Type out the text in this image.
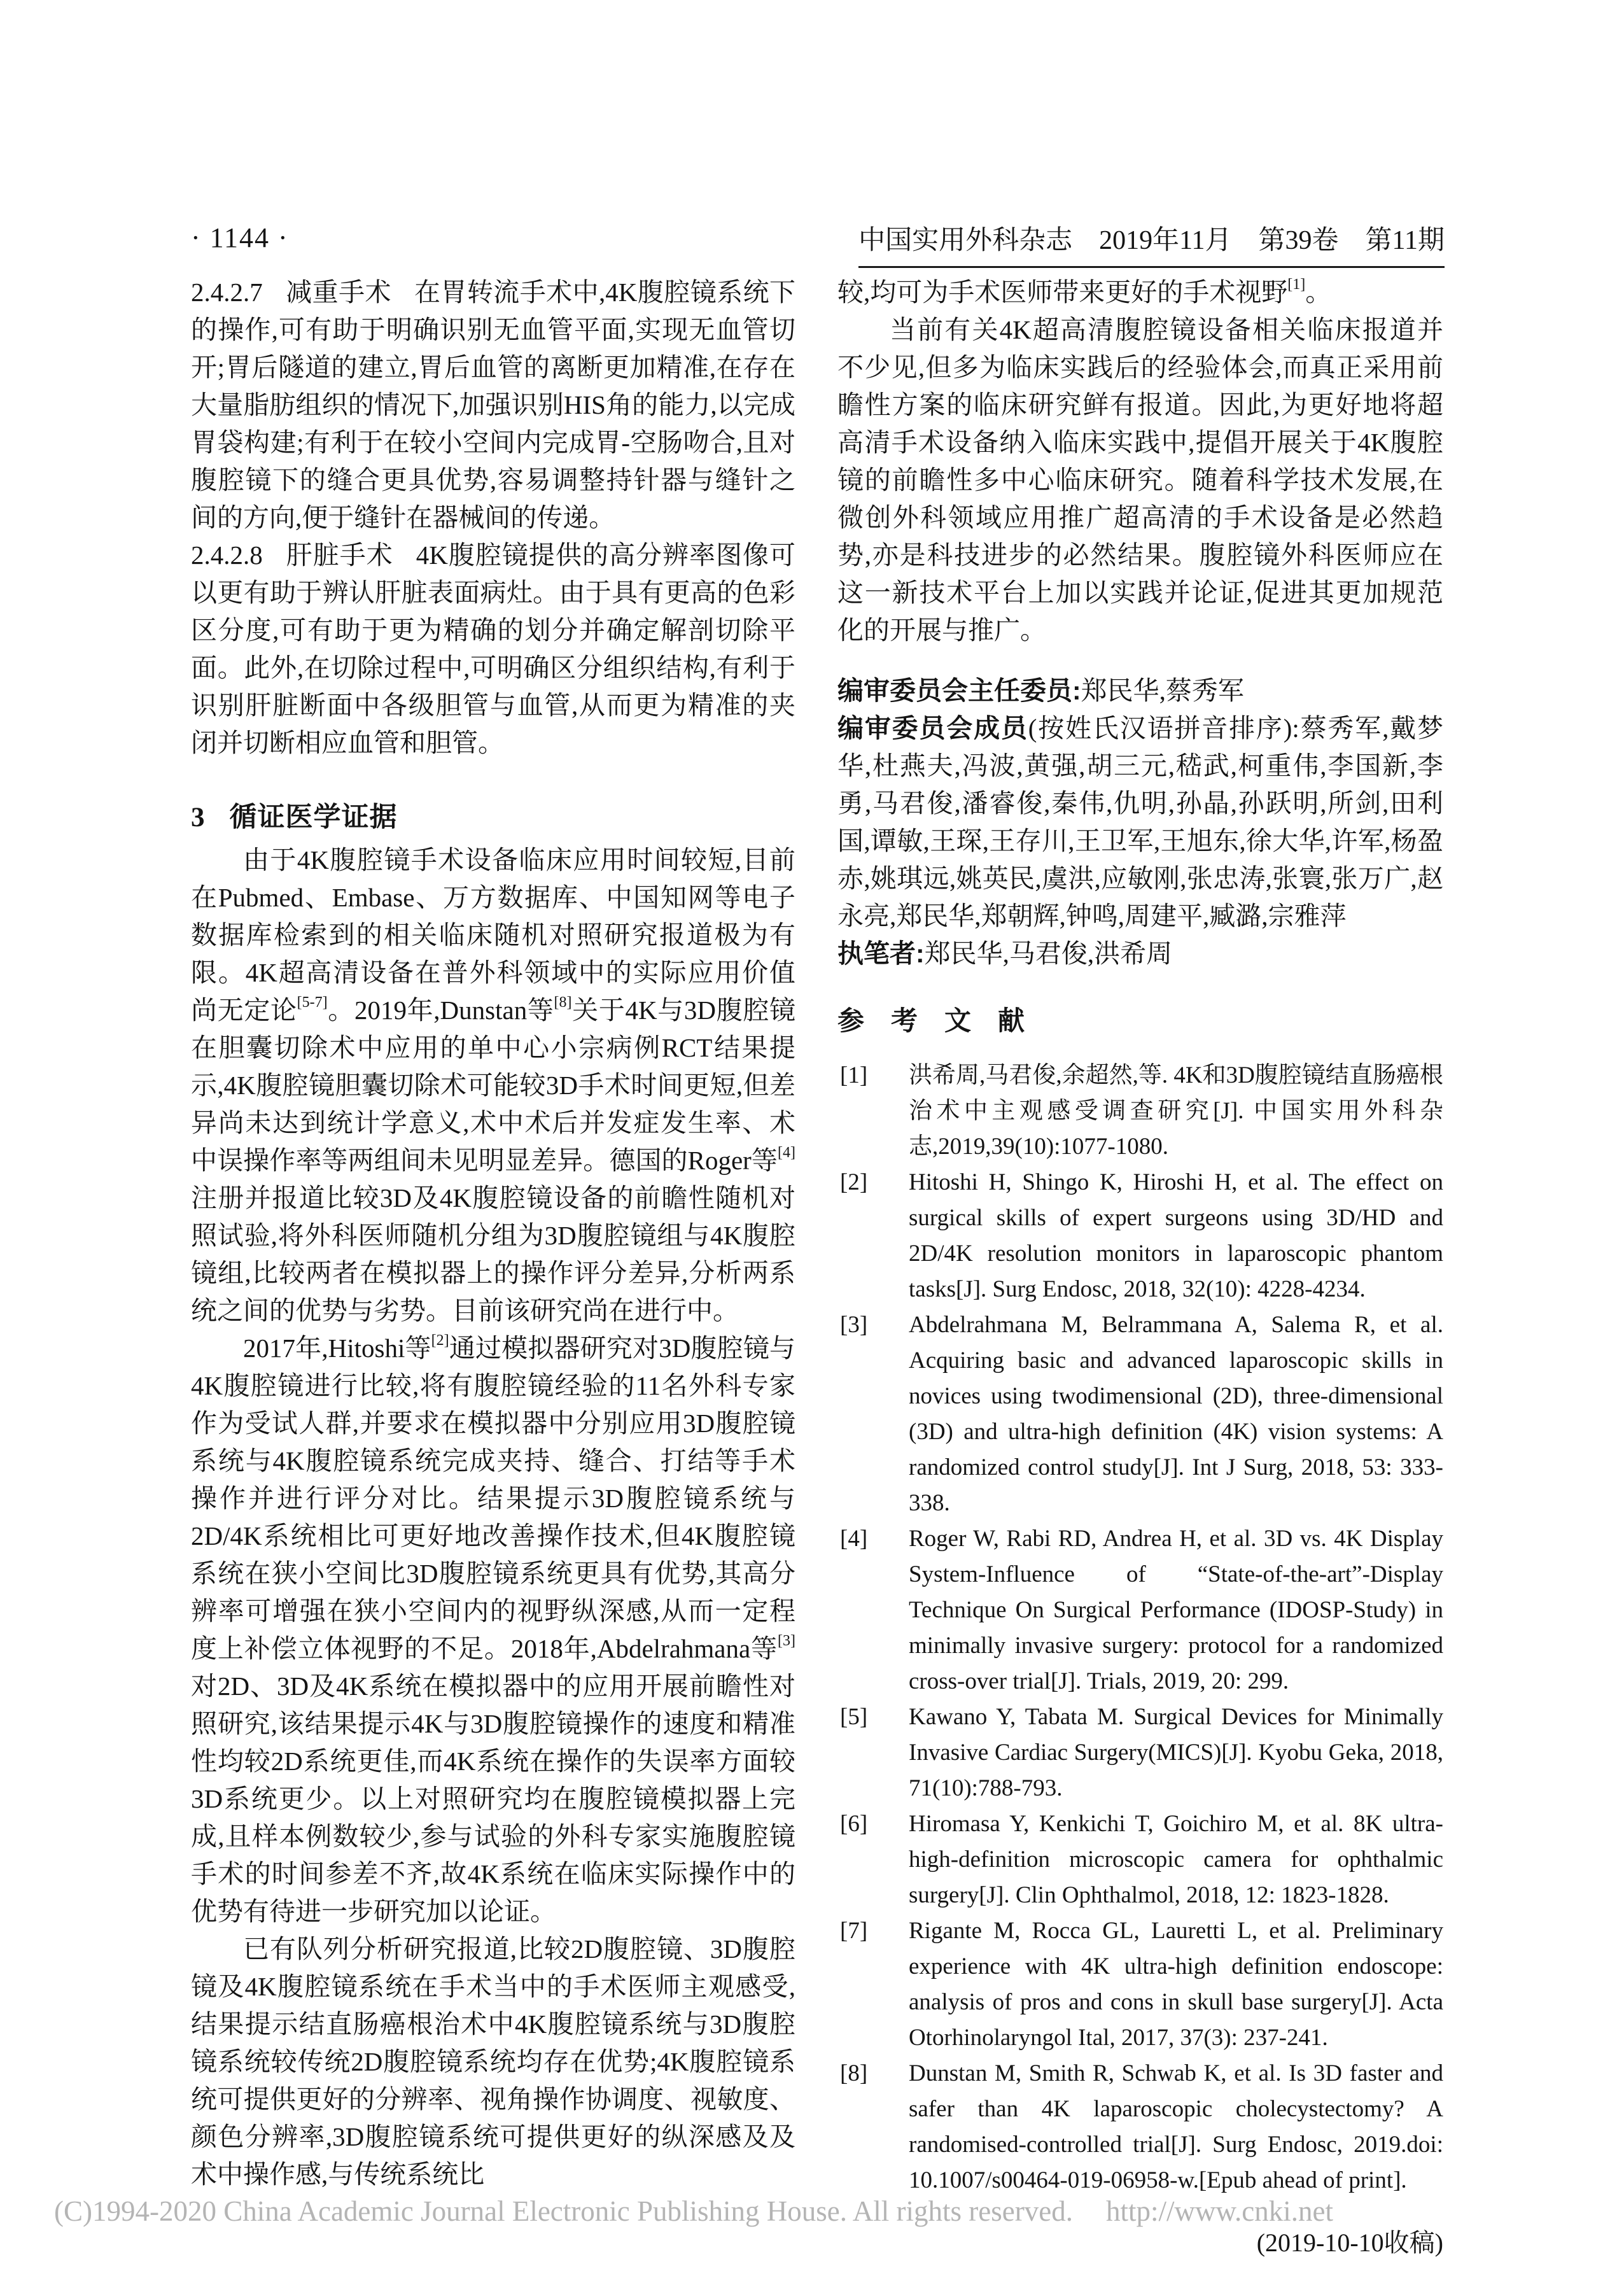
· 1144 ·	中国实用外科杂志　2019年11月　第39卷　第11期

2.4.2.7 减重手术 在胃转流手术中,4K腹腔镜系统下的操作,可有助于明确识别无血管平面,实现无血管切开;胃后隧道的建立,胃后血管的离断更加精准,在存在大量脂肪组织的情况下,加强识别HIS角的能力,以完成胃袋构建;有利于在较小空间内完成胃-空肠吻合,且对腹腔镜下的缝合更具优势,容易调整持针器与缝针之间的方向,便于缝针在器械间的传递。

2.4.2.8 肝脏手术 4K腹腔镜提供的高分辨率图像可以更有助于辨认肝脏表面病灶。由于具有更高的色彩区分度,可有助于更为精确的划分并确定解剖切除平面。此外,在切除过程中,可明确区分组织结构,有利于识别肝脏断面中各级胆管与血管,从而更为精准的夹闭并切断相应血管和胆管。

3 循证医学证据

由于4K腹腔镜手术设备临床应用时间较短,目前在Pubmed、Embase、万方数据库、中国知网等电子数据库检索到的相关临床随机对照研究报道极为有限。4K超高清设备在普外科领域中的实际应用价值尚无定论[5-7]。2019年,Dunstan等[8]关于4K与3D腹腔镜在胆囊切除术中应用的单中心小宗病例RCT结果提示,4K腹腔镜胆囊切除术可能较3D手术时间更短,但差异尚未达到统计学意义,术中术后并发症发生率、术中误操作率等两组间未见明显差异。德国的Roger等[4]注册并报道比较3D及4K腹腔镜设备的前瞻性随机对照试验,将外科医师随机分组为3D腹腔镜组与4K腹腔镜组,比较两者在模拟器上的操作评分差异,分析两系统之间的优势与劣势。目前该研究尚在进行中。

2017年,Hitoshi等[2]通过模拟器研究对3D腹腔镜与4K腹腔镜进行比较,将有腹腔镜经验的11名外科专家作为受试人群,并要求在模拟器中分别应用3D腹腔镜系统与4K腹腔镜系统完成夹持、缝合、打结等手术操作并进行评分对比。结果提示3D腹腔镜系统与2D/4K系统相比可更好地改善操作技术,但4K腹腔镜系统在狭小空间比3D腹腔镜系统更具有优势,其高分辨率可增强在狭小空间内的视野纵深感,从而一定程度上补偿立体视野的不足。2018年,Abdelrahmana等[3]对2D、3D及4K系统在模拟器中的应用开展前瞻性对照研究,该结果提示4K与3D腹腔镜操作的速度和精准性均较2D系统更佳,而4K系统在操作的失误率方面较3D系统更少。以上对照研究均在腹腔镜模拟器上完成,且样本例数较少,参与试验的外科专家实施腹腔镜手术的时间参差不齐,故4K系统在临床实际操作中的优势有待进一步研究加以论证。

已有队列分析研究报道,比较2D腹腔镜、3D腹腔镜及4K腹腔镜系统在手术当中的手术医师主观感受,结果提示结直肠癌根治术中4K腹腔镜系统与3D腹腔镜系统较传统2D腹腔镜系统均存在优势;4K腹腔镜系统可提供更好的分辨率、视角操作协调度、视敏度、颜色分辨率,3D腹腔镜系统可提供更好的纵深感及及术中操作感,与传统系统比

较,均可为手术医师带来更好的手术视野[1]。

当前有关4K超高清腹腔镜设备相关临床报道并不少见,但多为临床实践后的经验体会,而真正采用前瞻性方案的临床研究鲜有报道。因此,为更好地将超高清手术设备纳入临床实践中,提倡开展关于4K腹腔镜的前瞻性多中心临床研究。随着科学技术发展,在微创外科领域应用推广超高清的手术设备是必然趋势,亦是科技进步的必然结果。腹腔镜外科医师应在这一新技术平台上加以实践并论证,促进其更加规范化的开展与推广。

编审委员会主任委员:郑民华,蔡秀军

编审委员会成员(按姓氏汉语拼音排序):蔡秀军,戴梦华,杜燕夫,冯波,黄强,胡三元,嵇武,柯重伟,李国新,李勇,马君俊,潘睿俊,秦伟,仇明,孙晶,孙跃明,所剑,田利国,谭敏,王琛,王存川,王卫军,王旭东,徐大华,许军,杨盈赤,姚琪远,姚英民,虞洪,应敏刚,张忠涛,张寰,张万广,赵永亮,郑民华,郑朝辉,钟鸣,周建平,臧潞,宗雅萍

执笔者:郑民华,马君俊,洪希周

参　考　文　献
[1] 洪希周,马君俊,余超然,等. 4K和3D腹腔镜结直肠癌根治术中主观感受调查研究[J]. 中国实用外科杂志,2019,39(10):1077-1080.
[2] Hitoshi H, Shingo K, Hiroshi H, et al. The effect on surgical skills of expert surgeons using 3D/HD and 2D/4K resolution monitors in laparoscopic phantom tasks[J]. Surg Endosc, 2018, 32(10): 4228-4234.
[3] Abdelrahmana M, Belrammana A, Salema R, et al. Acquiring basic and advanced laparoscopic skills in novices using twodimensional (2D), three-dimensional (3D) and ultra-high definition (4K) vision systems: A randomized control study[J]. Int J Surg, 2018, 53: 333-338.
[4] Roger W, Rabi RD, Andrea H, et al. 3D vs. 4K Display System-Influence of “State-of-the-art”-Display Technique On Surgical Performance (IDOSP-Study) in minimally invasive surgery: protocol for a randomized cross-over trial[J]. Trials, 2019, 20: 299.
[5] Kawano Y, Tabata M. Surgical Devices for Minimally Invasive Cardiac Surgery(MICS)[J]. Kyobu Geka, 2018, 71(10):788-793.
[6] Hiromasa Y, Kenkichi T, Goichiro M, et al. 8K ultra-high-definition microscopic camera for ophthalmic surgery[J]. Clin Ophthalmol, 2018, 12: 1823-1828.
[7] Rigante M, Rocca GL, Lauretti L, et al. Preliminary experience with 4K ultra-high definition endoscope: analysis of pros and cons in skull base surgery[J]. Acta Otorhinolaryngol Ital, 2017, 37(3): 237-241.
[8] Dunstan M, Smith R, Schwab K, et al. Is 3D faster and safer than 4K laparoscopic cholecystectomy? A randomised-controlled trial[J]. Surg Endosc, 2019.doi: 10.1007/s00464-019-06958-w.[Epub ahead of print].

(2019-10-10收稿)

(C)1994-2020 China Academic Journal Electronic Publishing House. All rights reserved. http://www.cnki.net
